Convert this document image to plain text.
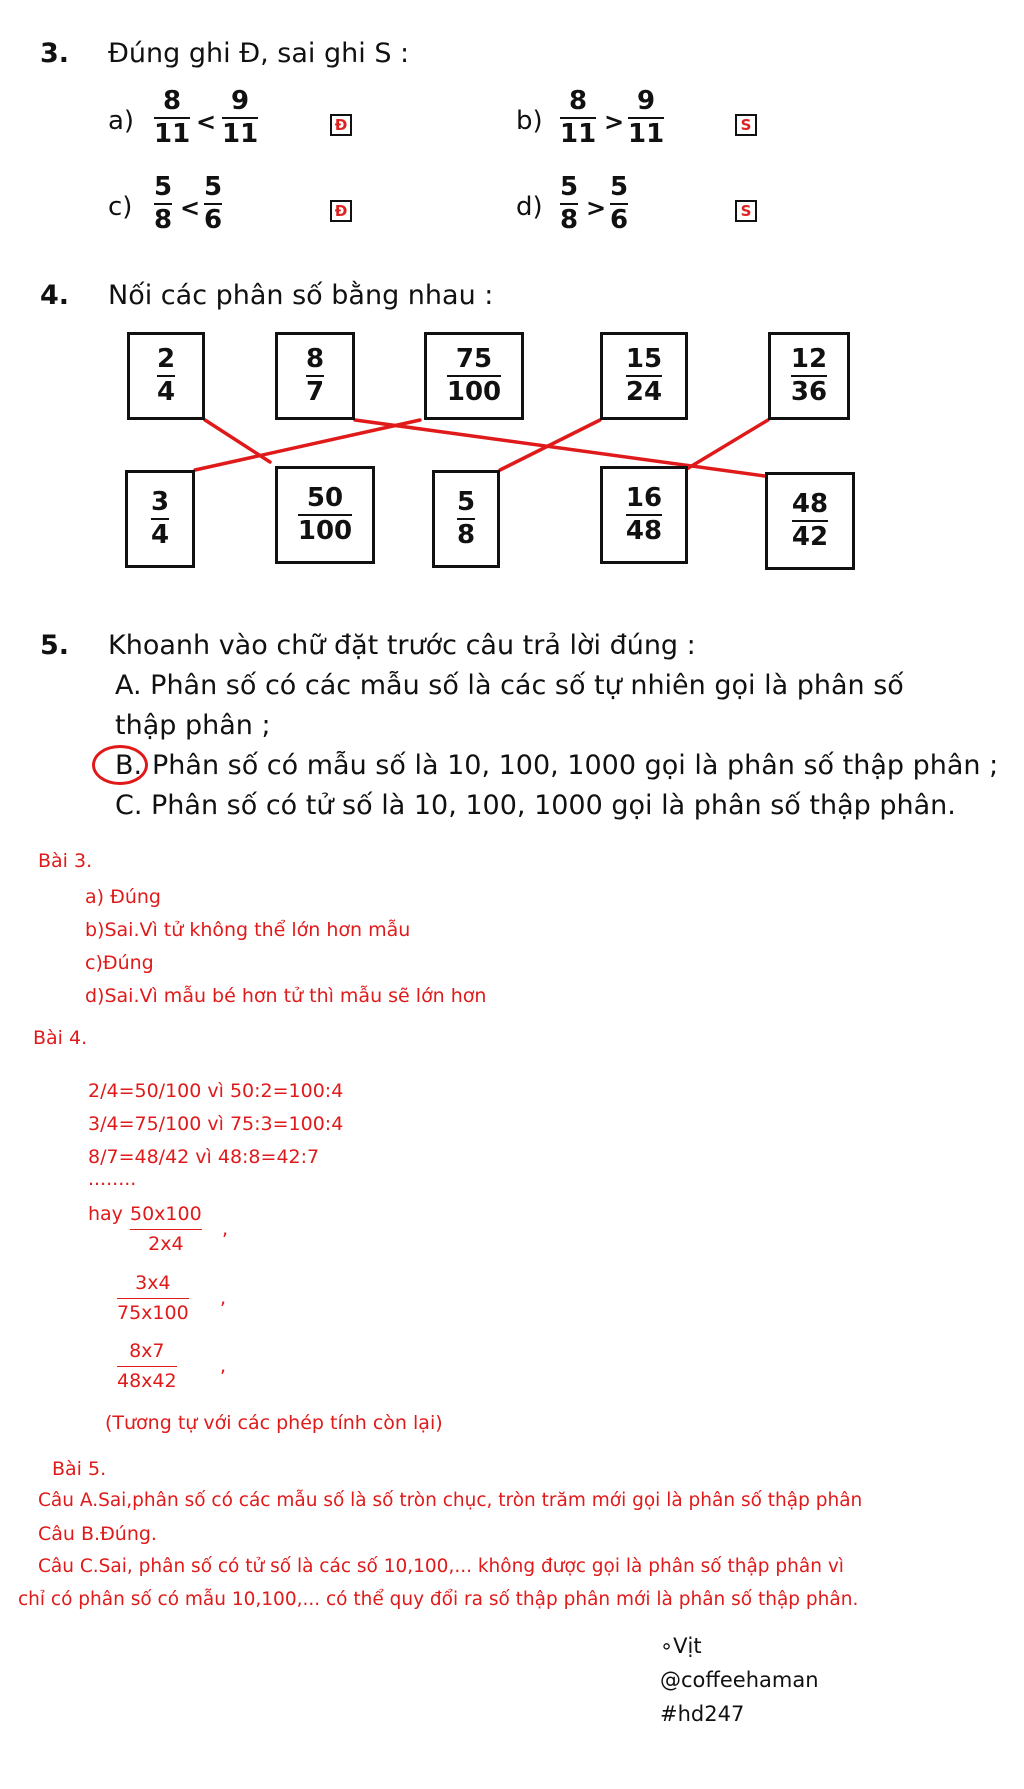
3. Đúng ghi Đ, sai ghi S :
a)
8
11 <
9
11	Đ	b)
8
11 >
9
11	S
c)
5
8 <
5
6	Đ	d)
5
8 >
5
6	S
4. Nối các phân số bằng nhau :
$\frac{2}{4}$	$\frac{8}{7}$	$\frac{75}{100}$	$\frac{15}{24}$	$\frac{12}{36}$
$\frac{3}{4}$	$\frac{50}{100}$	$\frac{5}{8}$	$\frac{16}{48}$	$\frac{48}{42}$
5. Khoanh vào chữ đặt trước câu trả lời đúng :
A. Phân số có các mẫu số là các số tự nhiên gọi là phân số
thập phân ;
B. Phân số có mẫu số là 10, 100, 1000 gọi là phân số thập phân ;
C. Phân số có tử số là 10, 100, 1000 gọi là phân số thập phân.
Bài 3.
a) Đúng
b)Sai.Vì tử không thể lớn hơn mẫu
c)Đúng
d)Sai.Vì mẫu bé hơn tử thì mẫu sẽ lớn hơn
Bài 4.
2/4=50/100 vì 50:2=100:4
3/4=75/100 vì 75:3=100:4
8/7=48/42 vì 48:8=42:7
........
hay 50x100
2x4
,
3x4
75x100
,
8x7
48x42
,
(Tương tự với các phép tính còn lại)
Bài 5.
Câu A.Sai,phân số có các mẫu số là số tròn chục, tròn trăm mới gọi là phân số thập phân
Câu B.Đúng.
Câu C.Sai, phân số có tử số là các số 10,100,... không được gọi là phân số thập phân vì
chỉ có phân số có mẫu 10,100,... có thể quy đổi ra số thập phân mới là phân số thập phân.
∘Vịt
@coffeehaman
#hd247
